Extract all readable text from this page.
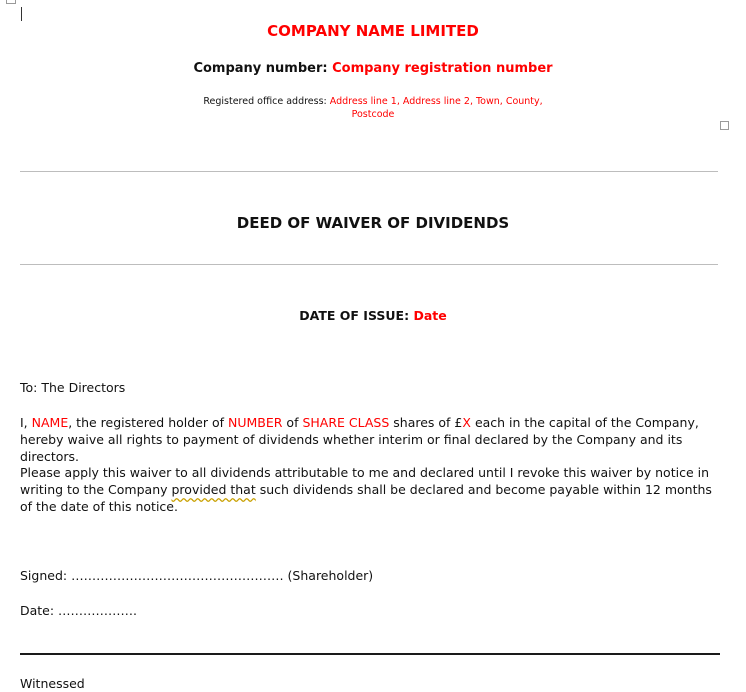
COMPANY NAME LIMITED
Company number: Company registration number
Registered office address: Address line 1, Address line 2, Town, County,
Postcode
DEED OF WAIVER OF DIVIDENDS
DATE OF ISSUE: Date
To: The Directors
I, NAME, the registered holder of NUMBER of SHARE CLASS shares of £X each in the capital of the Company, hereby waive all rights to payment of dividends whether interim or final declared by the Company and its directors.
Please apply this waiver to all dividends attributable to me and declared until I revoke this waiver by notice in writing to the Company provided that such dividends shall be declared and become payable within 12 months of the date of this notice.
Signed: …………………………………………… (Shareholder)
Date: ……………….
Witnessed
